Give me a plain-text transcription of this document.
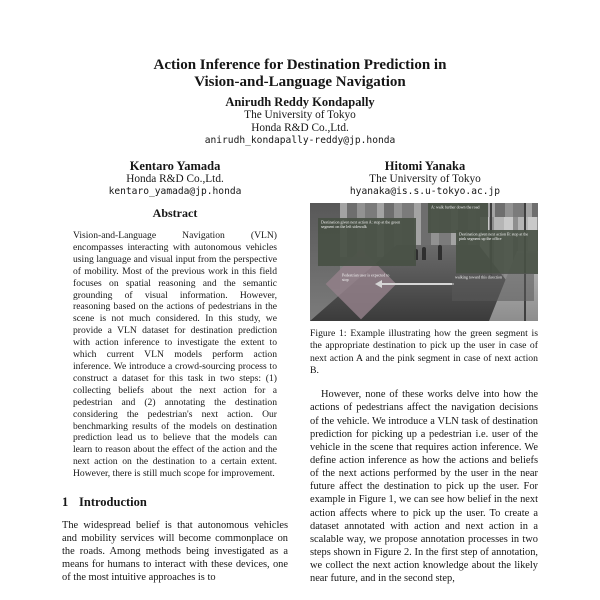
Action Inference for Destination Prediction in
Vision-and-Language Navigation
Anirudh Reddy Kondapally
The University of Tokyo
Honda R&D Co.,Ltd.
anirudh_kondapally-reddy@jp.honda
Kentaro Yamada
Honda R&D Co.,Ltd.
kentaro_yamada@jp.honda
Hitomi Yanaka
The University of Tokyo
hyanaka@is.s.u-tokyo.ac.jp
Abstract
Vision-and-Language Navigation (VLN) encompasses interacting with autonomous vehicles using language and visual input from the perspective of mobility. Most of the previous work in this field focuses on spatial reasoning and the semantic grounding of visual information. However, reasoning based on the actions of pedestrians in the scene is not much considered. In this study, we provide a VLN dataset for destination prediction with action inference to investigate the extent to which current VLN models perform action inference. We introduce a crowd-sourcing process to construct a dataset for this task in two steps: (1) collecting beliefs about the next action for a pedestrian and (2) annotating the destination considering the pedestrian's next action. Our benchmarking results of the models on destination prediction lead us to believe that the models can learn to reason about the effect of the action and the next action on the destination to a certain extent. However, there is still much scope for improvement.
1 Introduction
The widespread belief is that autonomous vehicles and mobility services will become commonplace on the roads. Among methods being investigated as a means for humans to interact with these devices, one of the most intuitive approaches is to
Pedestrian user is expected to stop
Destination given next action A: stop at the green segment on the left sidewalk
A: walk further down the road
Destination given next action B: stop at the pink segment up the office
walking toward this direction
Figure 1: Example illustrating how the green segment is the appropriate destination to pick up the user in case of next action A and the pink segment in case of next action B.
However, none of these works delve into how the actions of pedestrians affect the navigation decisions of the vehicle. We introduce a VLN task of destination prediction for picking up a pedestrian i.e. user of the vehicle in the scene that requires action inference. We define action inference as how the actions and beliefs of the next actions performed by the user in the near future affect the destination to pick up the user. For example in Figure 1, we can see how belief in the next action affects where to pick up the user. To create a dataset annotated with action and next action in a scalable way, we propose annotation processes in two steps shown in Figure 2. In the first step of annotation, we collect the next action knowledge about the likely near future, and in the second step,
